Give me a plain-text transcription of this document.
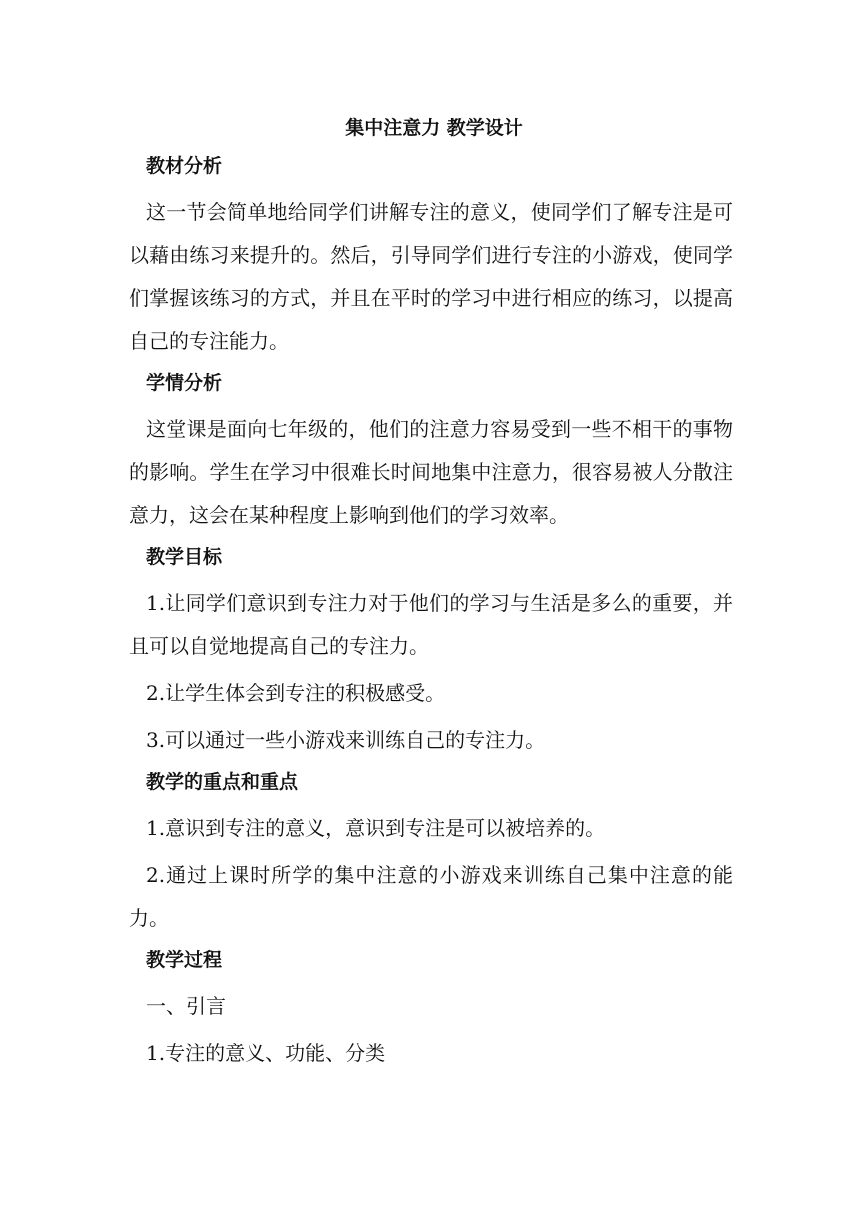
集中注意力 教学设计
教材分析

这一节会简单地给同学们讲解专注的意义，使同学们了解专注是可以藉由练习来提升的。然后，引导同学们进行专注的小游戏，使同学们掌握该练习的方式，并且在平时的学习中进行相应的练习，以提高自己的专注能力。

学情分析

这堂课是面向七年级的，他们的注意力容易受到一些不相干的事物的影响。学生在学习中很难长时间地集中注意力，很容易被人分散注意力，这会在某种程度上影响到他们的学习效率。

教学目标

1.让同学们意识到专注力对于他们的学习与生活是多么的重要，并且可以自觉地提高自己的专注力。

2.让学生体会到专注的积极感受。

3.可以通过一些小游戏来训练自己的专注力。

教学的重点和重点

1.意识到专注的意义，意识到专注是可以被培养的。

2.通过上课时所学的集中注意的小游戏来训练自己集中注意的能力。

教学过程

一、引言

1.专注的意义、功能、分类
